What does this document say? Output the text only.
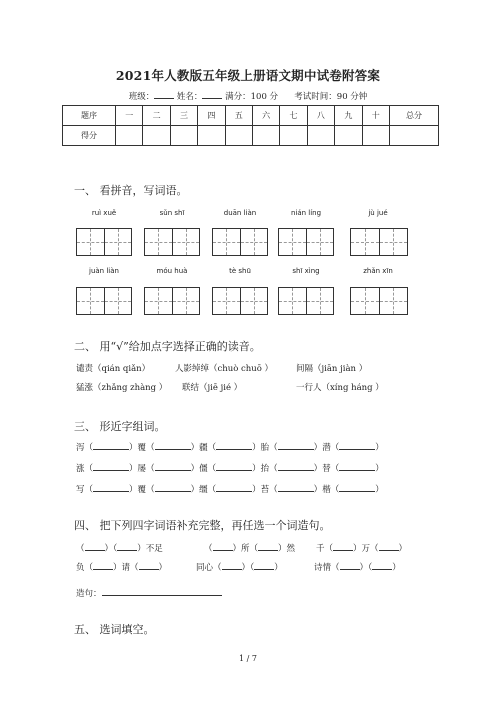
2021年人教版五年级上册语文期中试卷附答案
班级：	姓名：	满分：100 分 考试时间：90 分钟
题序	一	二	三	四	五	六	七	八	九	十	总分
得分											
一、 看拼音，写词语。
ruì xuě	sǔn shī	duān liàn	nián líng	jù jué
juàn liàn	móu huà	tè shū	shī xìng	zhǎn xīn
二、 用“√”给加点字选择正确的读音。
谴责（qián qiǎn）	人影绰绰（chuò chuō ）	间隔（jiān jiàn ）
猛涨（zhǎng zhàng ） 联结（jiē jié ）	一行人（xíng háng ）
三、 形近字组词。
泻（	）覆（	）疆（	）胎（	）潜（	）
涨（	）屡（	）僵（	）抬（	）替（	）
写（	）覆（	）缰（	）苔（	）楷（	）
四、 把下列四字词语补充完整，再任选一个词造句。
（ ）（ ）不足	（ ）所（ ）然 千（ ）万（ ）
负（ ）请（ ）	同心（ ）（ ）	诗情（ ）（ ）
造句：
五、 选词填空。
1 / 7
